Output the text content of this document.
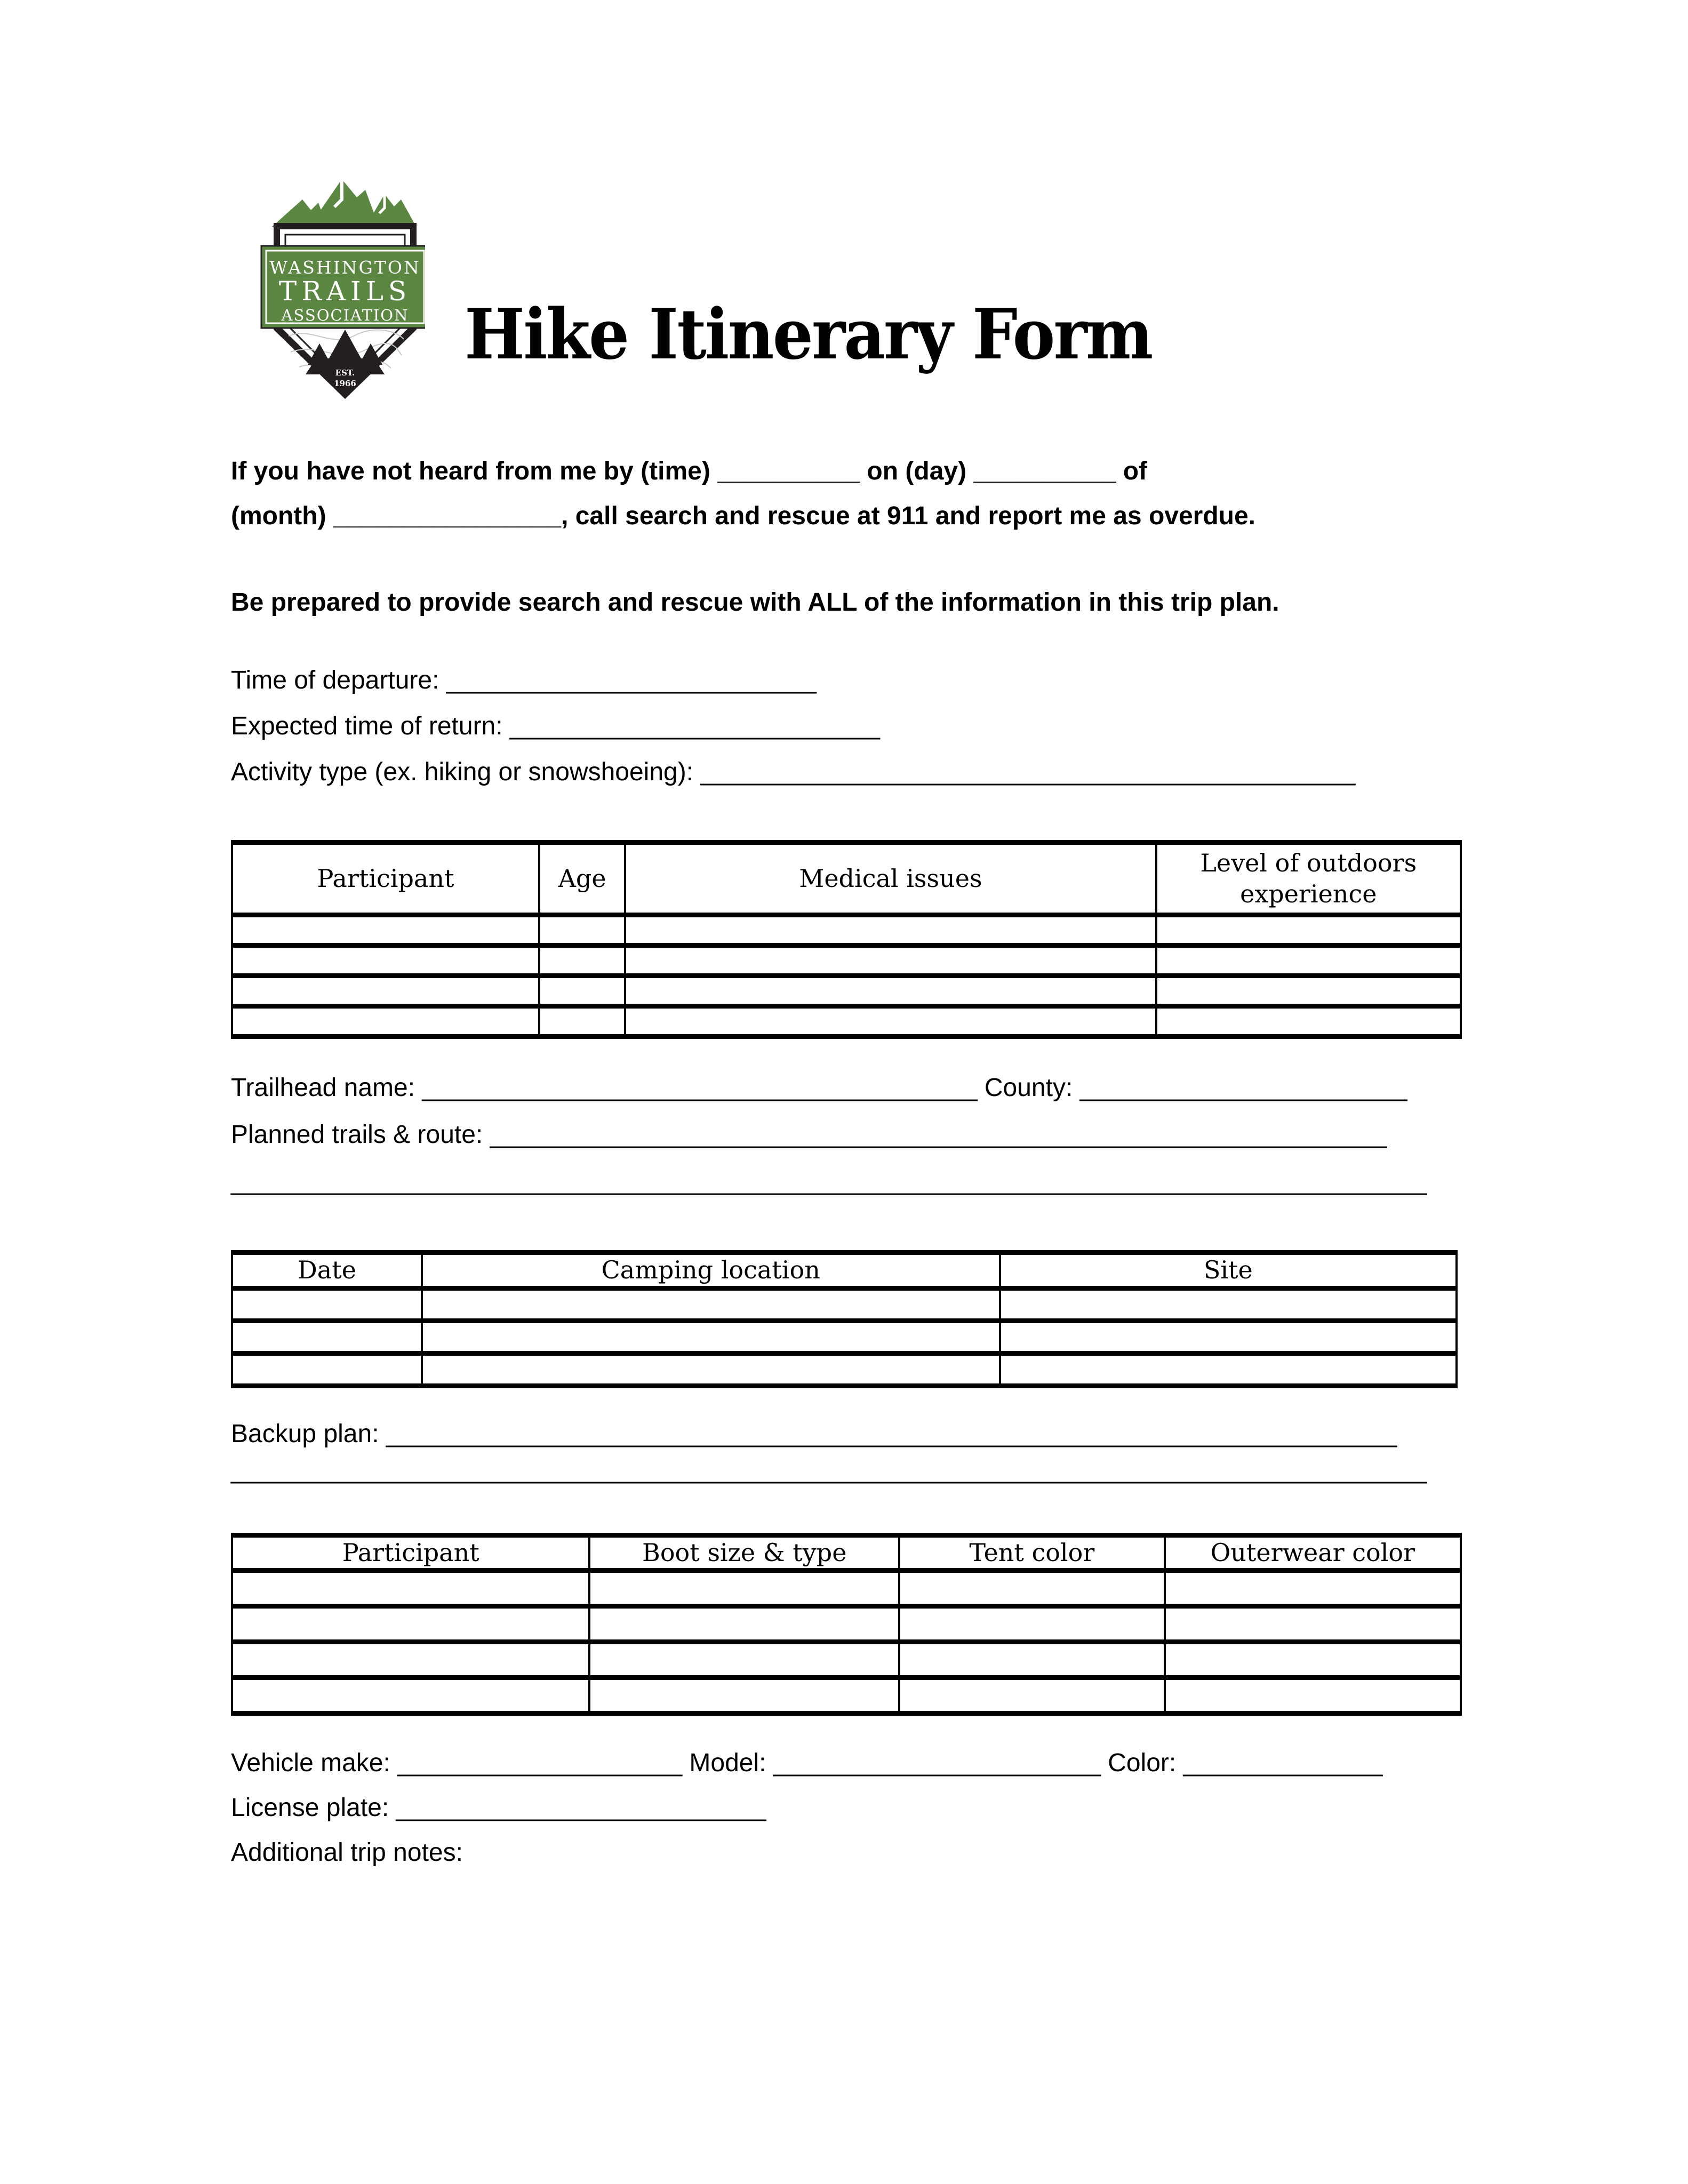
WASHINGTON
TRAILS
ASSOCIATION
EST.
1966
Hike Itinerary Form

If you have not heard from me by (time) __________ on (day) __________ of

(month) ________________, call search and rescue at 911 and report me as overdue.

Be prepared to provide search and rescue with ALL of the information in this trip plan.

Time of departure: __________________________

Expected time of return: __________________________

Activity type (ex. hiking or snowshoeing): ______________________________________________

Participant	Age	Medical issues	Level of outdoors experience

Trailhead name: _______________________________________ County: _______________________

Planned trails & route: _______________________________________________________________

____________________________________________________________________________________

Date	Camping location	Site

Backup plan: _______________________________________________________________________

____________________________________________________________________________________

Participant	Boot size & type	Tent color	Outerwear color

Vehicle make: ____________________ Model: _______________________ Color: ______________

License plate: __________________________

Additional trip notes:
